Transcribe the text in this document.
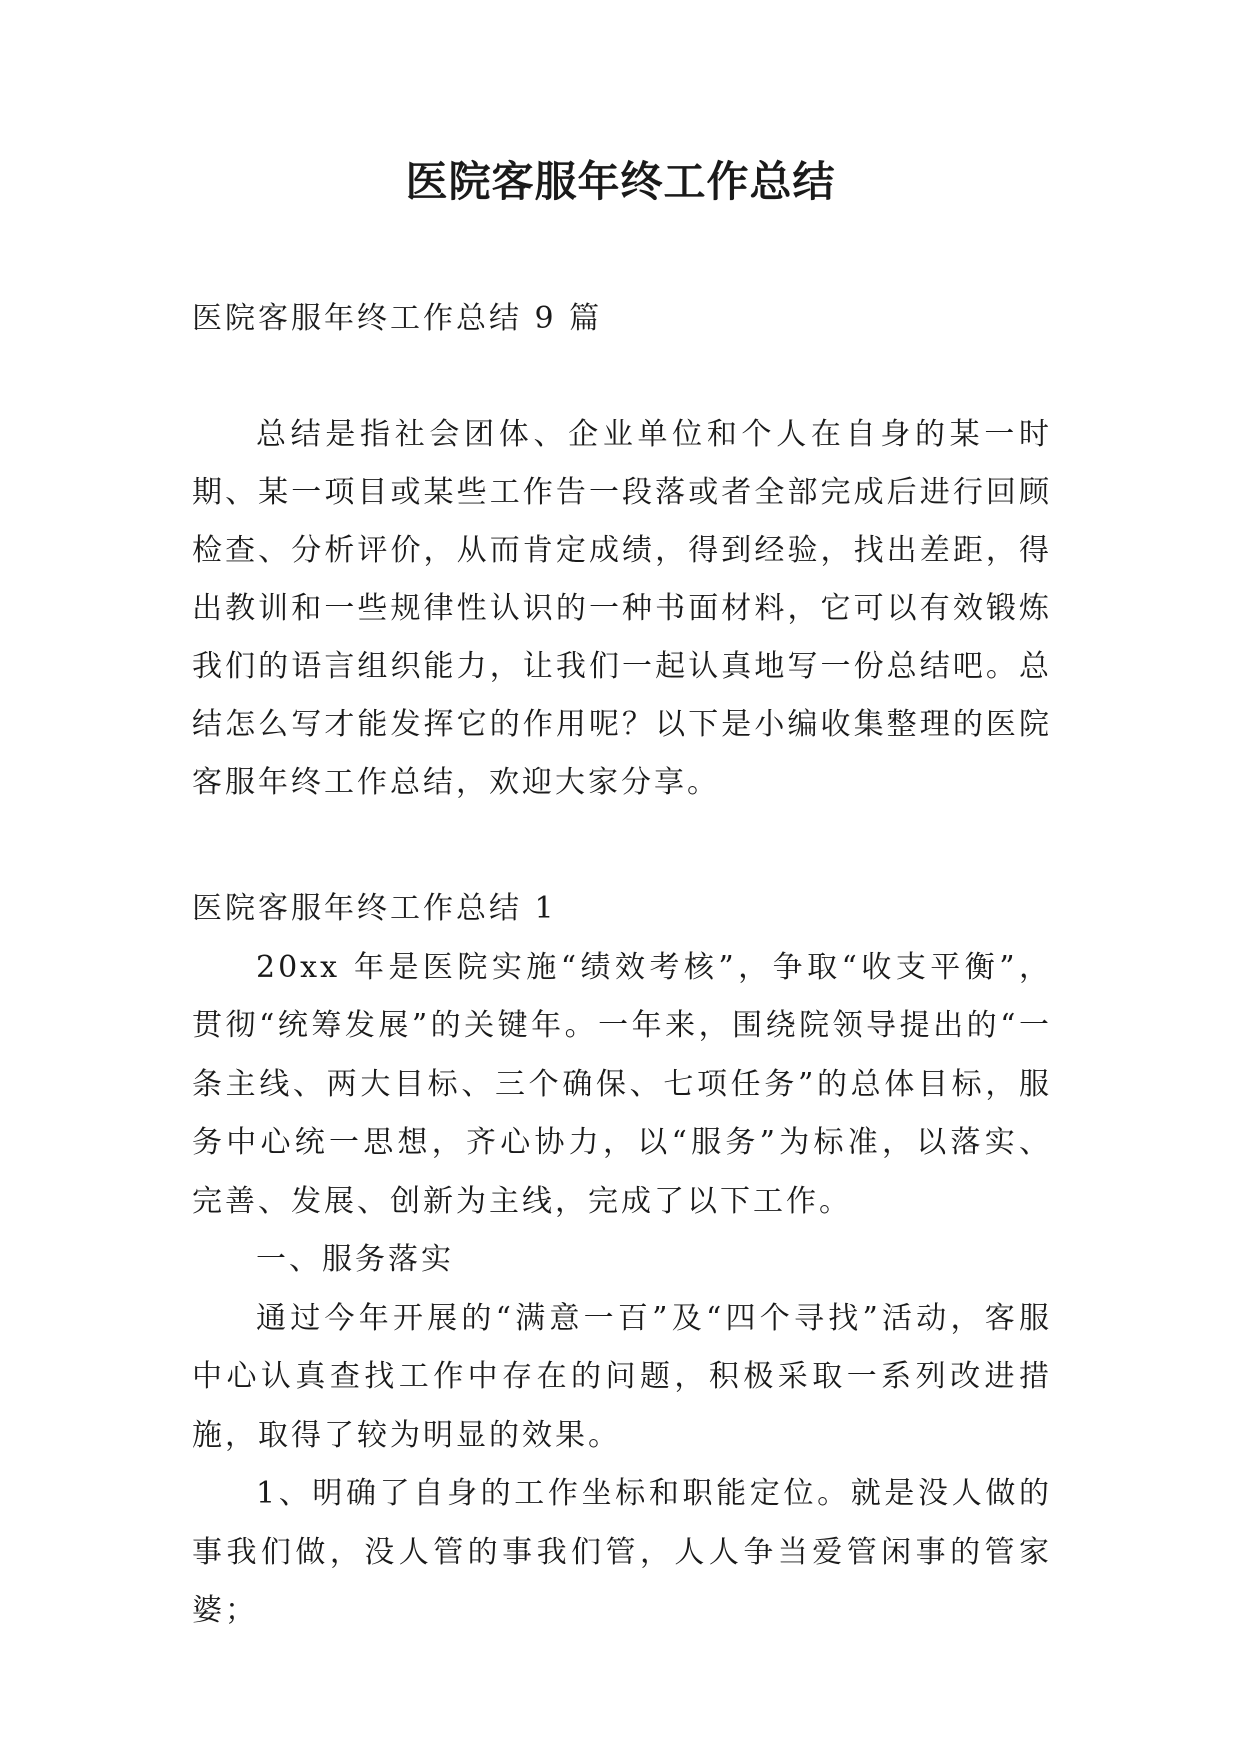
医院客服年终工作总结

医院客服年终工作总结 9 篇

总结是指社会团体、企业单位和个人在自身的某一时期、某一项目或某些工作告一段落或者全部完成后进行回顾检查、分析评价，从而肯定成绩，得到经验，找出差距，得出教训和一些规律性认识的一种书面材料，它可以有效锻炼我们的语言组织能力，让我们一起认真地写一份总结吧。总结怎么写才能发挥它的作用呢？以下是小编收集整理的医院客服年终工作总结，欢迎大家分享。

医院客服年终工作总结 1

20xx 年是医院实施“绩效考核”，争取“收支平衡”，贯彻“统筹发展”的关键年。一年来，围绕院领导提出的“一条主线、两大目标、三个确保、七项任务”的总体目标，服务中心统一思想，齐心协力，以“服务”为标准，以落实、完善、发展、创新为主线，完成了以下工作。

一、服务落实

通过今年开展的“满意一百”及“四个寻找”活动，客服中心认真查找工作中存在的问题，积极采取一系列改进措施，取得了较为明显的效果。

1、明确了自身的工作坐标和职能定位。就是没人做的事我们做，没人管的事我们管，人人争当爱管闲事的管家婆；
